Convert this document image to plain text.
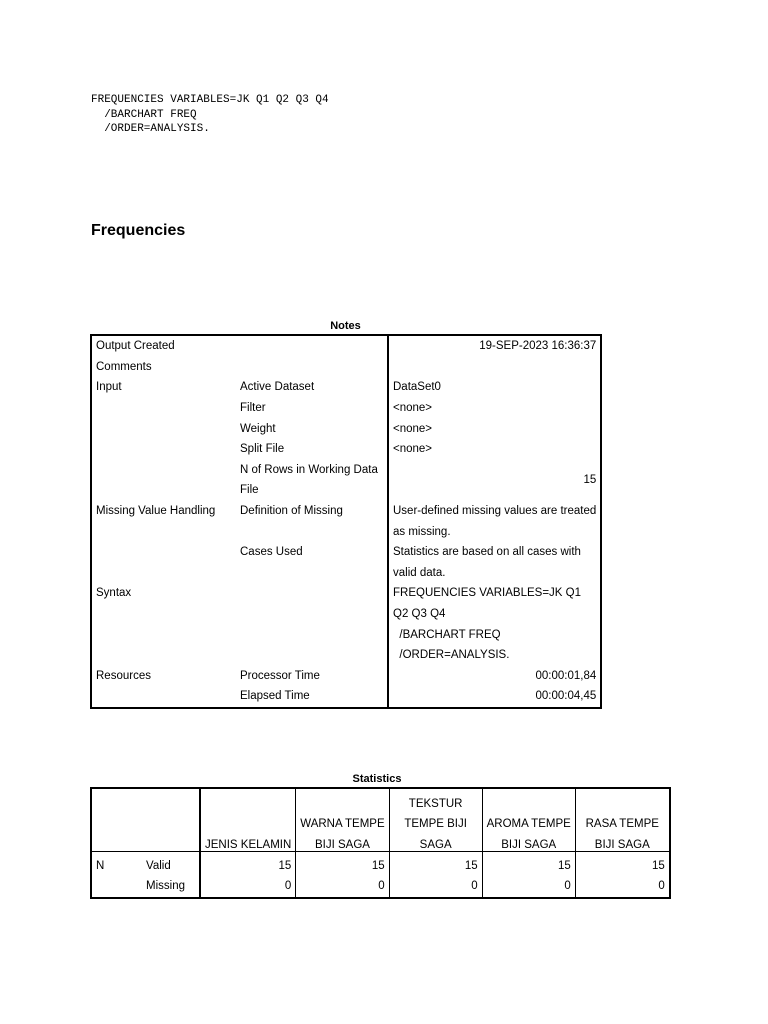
FREQUENCIES VARIABLES=JK Q1 Q2 Q3 Q4
/BARCHART FREQ
/ORDER=ANALYSIS.
Frequencies
Notes
Output Created		19-SEP-2023 16:36:37
Comments		
Input	Active Dataset	DataSet0
	Filter	<none>
	Weight	<none>
	Split File	<none>
	N of Rows in Working Data	15
	File	
Missing Value Handling	Definition of Missing	User-defined missing values are treated
		as missing.
	Cases Used	Statistics are based on all cases with
		valid data.
Syntax		FREQUENCIES VARIABLES=JK Q1
		Q2 Q3 Q4
		/BARCHART FREQ
		/ORDER=ANALYSIS.
Resources	Processor Time	00:00:01,84
	Elapsed Time	00:00:04,45
Statistics
				TEKSTUR		
			WARNA TEMPE	TEMPE BIJI	AROMA TEMPE	RASA TEMPE
		JENIS KELAMIN	BIJI SAGA	SAGA	BIJI SAGA	BIJI SAGA
N	Valid	15	15	15	15	15
	Missing	0	0	0	0	0
